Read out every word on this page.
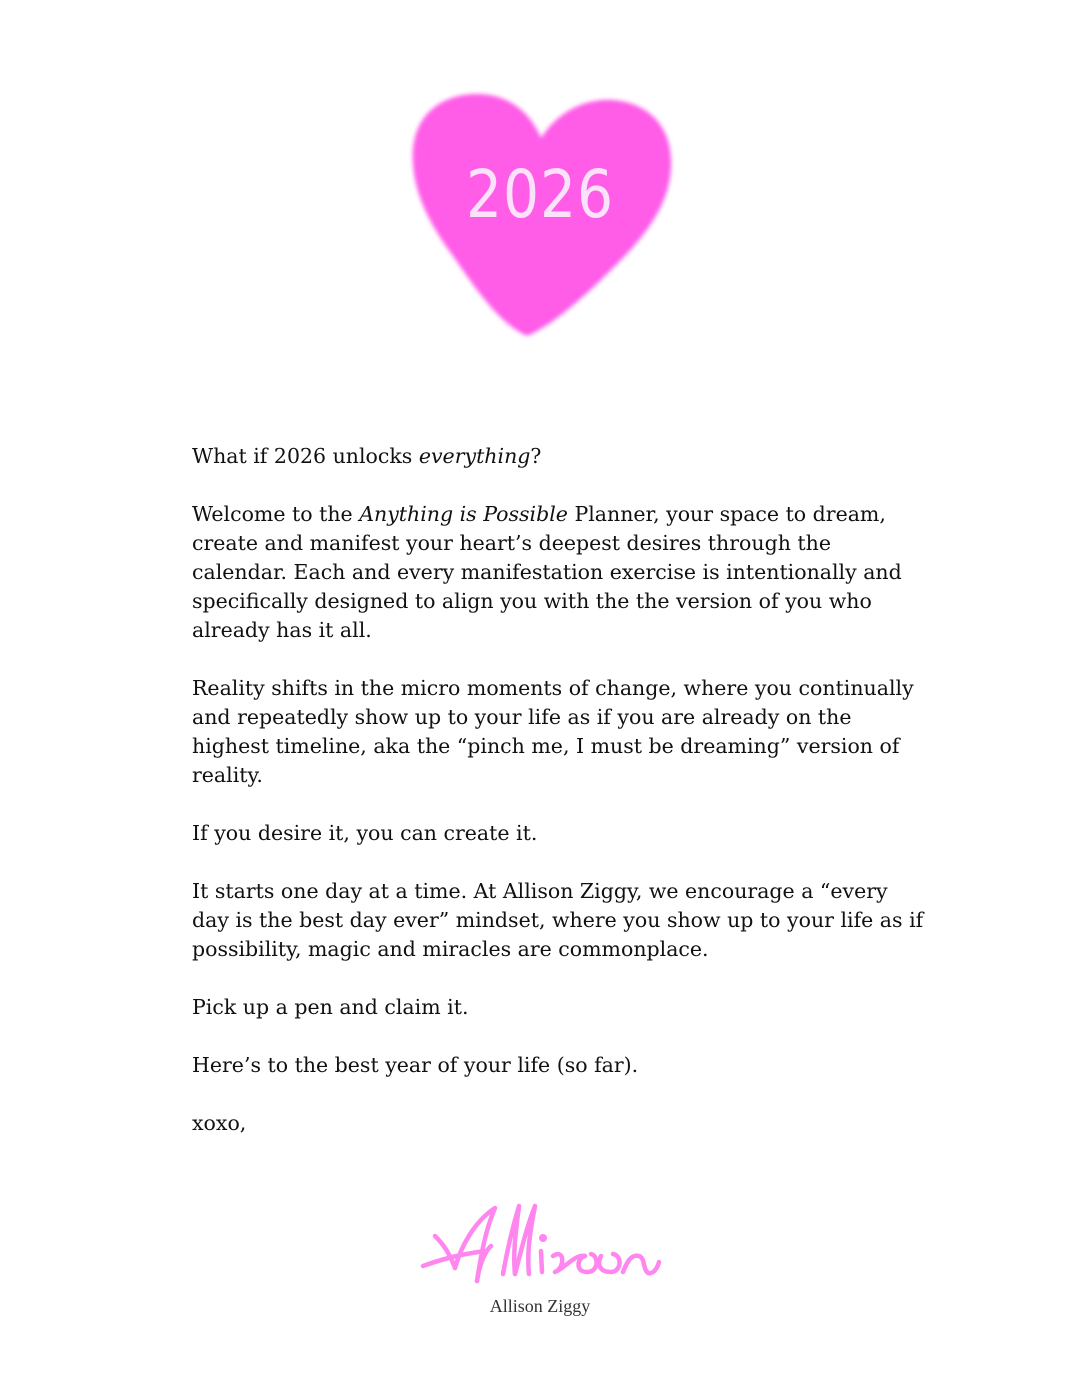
2026

What if 2026 unlocks everything?

Welcome to the Anything is Possible Planner, your space to dream, create and manifest your heart’s deepest desires through the calendar. Each and every manifestation exercise is intentionally and specifically designed to align you with the the version of you who already has it all.

Reality shifts in the micro moments of change, where you continually and repeatedly show up to your life as if you are already on the highest timeline, aka the “pinch me, I must be dreaming” version of reality.

If you desire it, you can create it.

It starts one day at a time. At Allison Ziggy, we encourage a “every day is the best day ever” mindset, where you show up to your life as if possibility, magic and miracles are commonplace.

Pick up a pen and claim it.

Here’s to the best year of your life (so far).

xoxo,

Allison Ziggy
